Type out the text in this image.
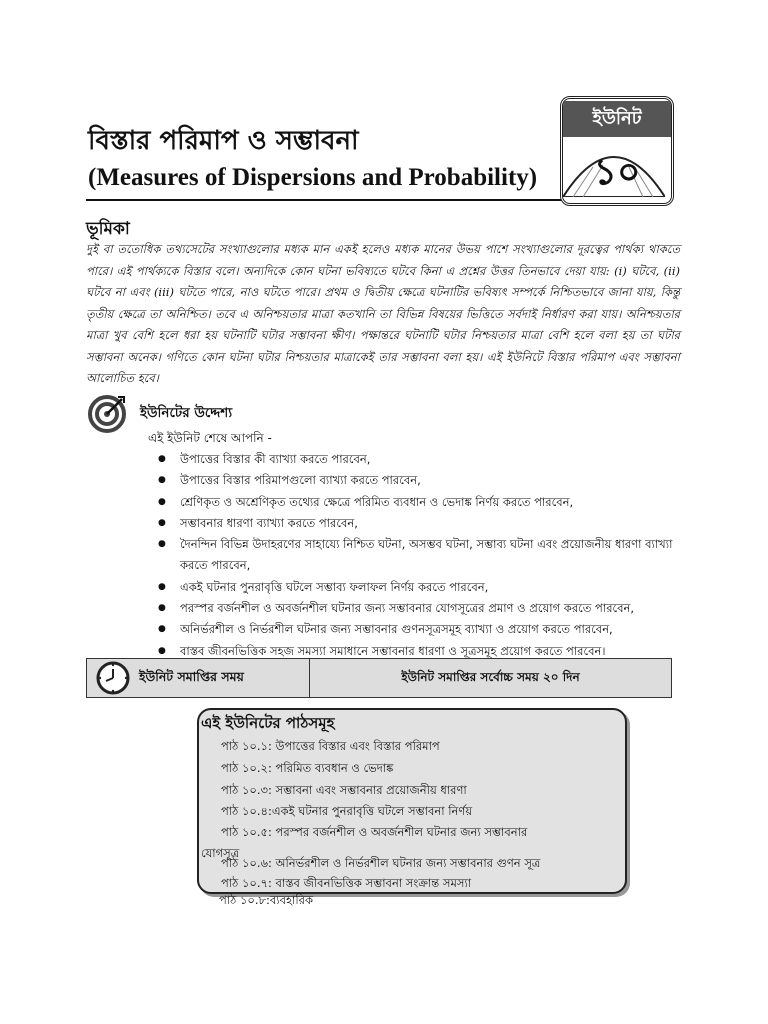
বিস্তার পরিমাপ ও সম্ভাবনা
(Measures of Dispersions and Probability)
ইউনিট
১০
ভূমিকা
দুই বা ততোধিক তথ্যসেটের সংখ্যাগুলোর মধ্যক মান একই হলেও মধ্যক মানের উভয় পাশে সংখ্যাগুলোর দূরত্বের পার্থক্য থাকতে পারে। এই পার্থক্যকে বিস্তার বলে। অন্যদিকে কোন ঘটনা ভবিষ্যতে ঘটবে কিনা এ প্রশ্নের উত্তর তিনভাবে দেয়া যায়: (i) ঘটবে, (ii) ঘটবে না এবং (iii) ঘটতে পারে, নাও ঘটতে পারে। প্রথম ও দ্বিতীয় ক্ষেত্রে ঘটনাটির ভবিষ্যৎ সম্পর্কে নিশ্চিতভাবে জানা যায়, কিন্তু তৃতীয় ক্ষেত্রে তা অনিশ্চিত। তবে এ অনিশ্চয়তার মাত্রা কতখানি তা বিভিন্ন বিষয়ের ভিত্তিতে সর্বদাই নির্ধারণ করা যায়। অনিশ্চয়তার মাত্রা খুব বেশি হলে ধরা হয় ঘটনাটি ঘটার সম্ভাবনা ক্ষীণ। পক্ষান্তরে ঘটনাটি ঘটার নিশ্চয়তার মাত্রা বেশি হলে বলা হয় তা ঘটার সম্ভাবনা অনেক। গণিতে কোন ঘটনা ঘটার নিশ্চয়তার মাত্রাকেই তার সম্ভাবনা বলা হয়। এই ইউনিটে বিস্তার পরিমাপ এবং সম্ভাবনা আলোচিত হবে।
ইউনিটের উদ্দেশ্য
এই ইউনিট শেষে আপনি -
● উপাত্তের বিস্তার কী ব্যাখ্যা করতে পারবেন,
● উপাত্তের বিস্তার পরিমাপগুলো ব্যাখ্যা করতে পারবেন,
● শ্রেণিকৃত ও অশ্রেণিকৃত তথ্যের ক্ষেত্রে পরিমিত ব্যবধান ও ভেদাঙ্ক নির্ণয় করতে পারবেন,
● সম্ভাবনার ধারণা ব্যাখ্যা করতে পারবেন,
● দৈনন্দিন বিভিন্ন উদাহরণের সাহায্যে নিশ্চিত ঘটনা, অসম্ভব ঘটনা, সম্ভাব্য ঘটনা এবং প্রয়োজনীয় ধারণা ব্যাখ্যা করতে পারবেন,
● একই ঘটনার পুনরাবৃত্তি ঘটলে সম্ভাব্য ফলাফল নির্ণয় করতে পারবেন,
● পরস্পর বর্জনশীল ও অবর্জনশীল ঘটনার জন্য সম্ভাবনার যোগসূত্রের প্রমাণ ও প্রয়োগ করতে পারবেন,
● অনির্ভরশীল ও নির্ভরশীল ঘটনার জন্য সম্ভাবনার গুণনসূত্রসমূহ ব্যাখ্যা ও প্রয়োগ করতে পারবেন,
● বাস্তব জীবনভিত্তিক সহজ সমস্যা সমাধানে সম্ভাবনার ধারণা ও সূত্রসমূহ প্রয়োগ করতে পারবেন।
ইউনিট সমাপ্তির সময়	ইউনিট সমাপ্তির সর্বোচ্চ সময় ২০ দিন
এই ইউনিটের পাঠসমূহ
পাঠ ১০.১: উপাত্তের বিস্তার এবং বিস্তার পরিমাপ
পাঠ ১০.২: পরিমিত ব্যবধান ও ভেদাঙ্ক
পাঠ ১০.৩: সম্ভাবনা এবং সম্ভাবনার প্রয়োজনীয় ধারণা
পাঠ ১০.৪:একই ঘটনার পুনরাবৃত্তি ঘটলে সম্ভাবনা নির্ণয়
পাঠ ১০.৫: পরস্পর বর্জনশীল ও অবর্জনশীল ঘটনার জন্য সম্ভাবনার
যোগসূত্র
পাঠ ১০.৬: অনির্ভরশীল ও নির্ভরশীল ঘটনার জন্য সম্ভাবনার গুণন সূত্র
পাঠ ১০.৭: বাস্তব জীবনভিত্তিক সম্ভাবনা সংক্রান্ত সমস্যা
পাঠ ১০.৮:ব্যবহারিক
